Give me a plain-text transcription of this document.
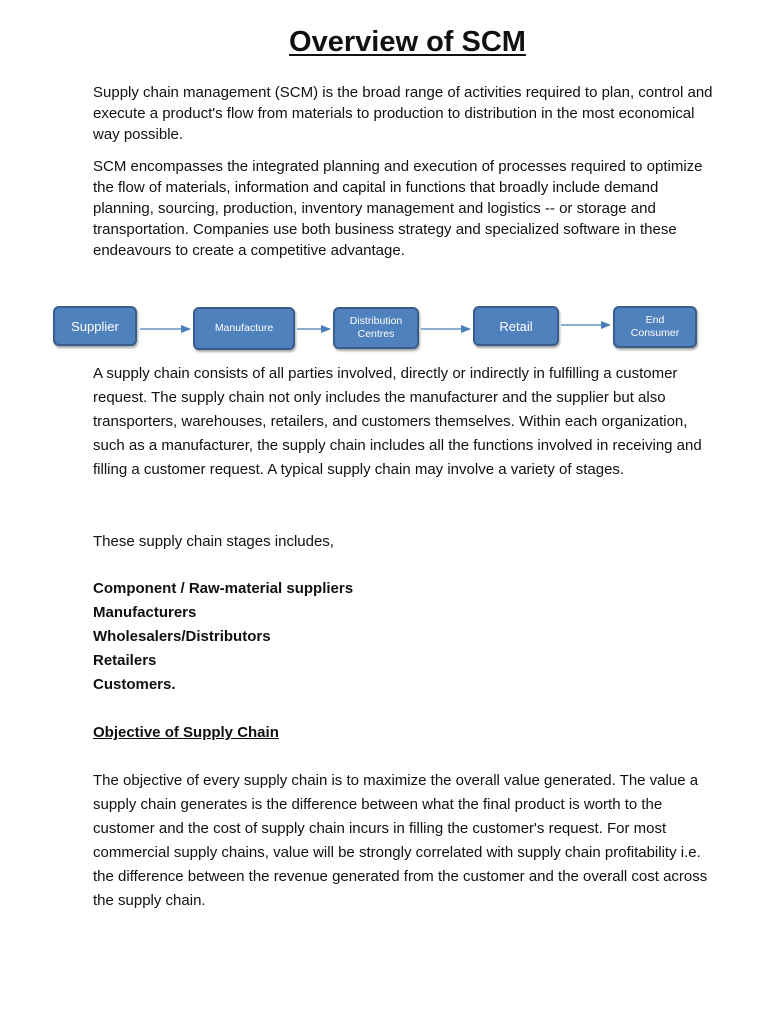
Overview of SCM

Supply chain management (SCM) is the broad range of activities required to plan, control and execute a product's flow from materials to production to distribution in the most economical way possible.

SCM encompasses the integrated planning and execution of processes required to optimize the flow of materials, information and capital in functions that broadly include demand planning, sourcing, production, inventory management and logistics -- or storage and transportation. Companies use both business strategy and specialized software in these endeavours to create a competitive advantage.

Supplier	Manufacture
Distribution
Centres
Retail	End
Consumer

A supply chain consists of all parties involved, directly or indirectly in fulfilling a customer request. The supply chain not only includes the manufacturer and the supplier but also transporters, warehouses, retailers, and customers themselves. Within each organization, such as a manufacturer, the supply chain includes all the functions involved in receiving and filling a customer request. A typical supply chain may involve a variety of stages.

These supply chain stages includes,

Component / Raw-material suppliers
Manufacturers
Wholesalers/Distributors
Retailers
Customers.
Objective of Supply Chain

The objective of every supply chain is to maximize the overall value generated. The value a supply chain generates is the difference between what the final product is worth to the customer and the cost of supply chain incurs in filling the customer's request. For most commercial supply chains, value will be strongly correlated with supply chain profitability i.e. the difference between the revenue generated from the customer and the overall cost across the supply chain.
